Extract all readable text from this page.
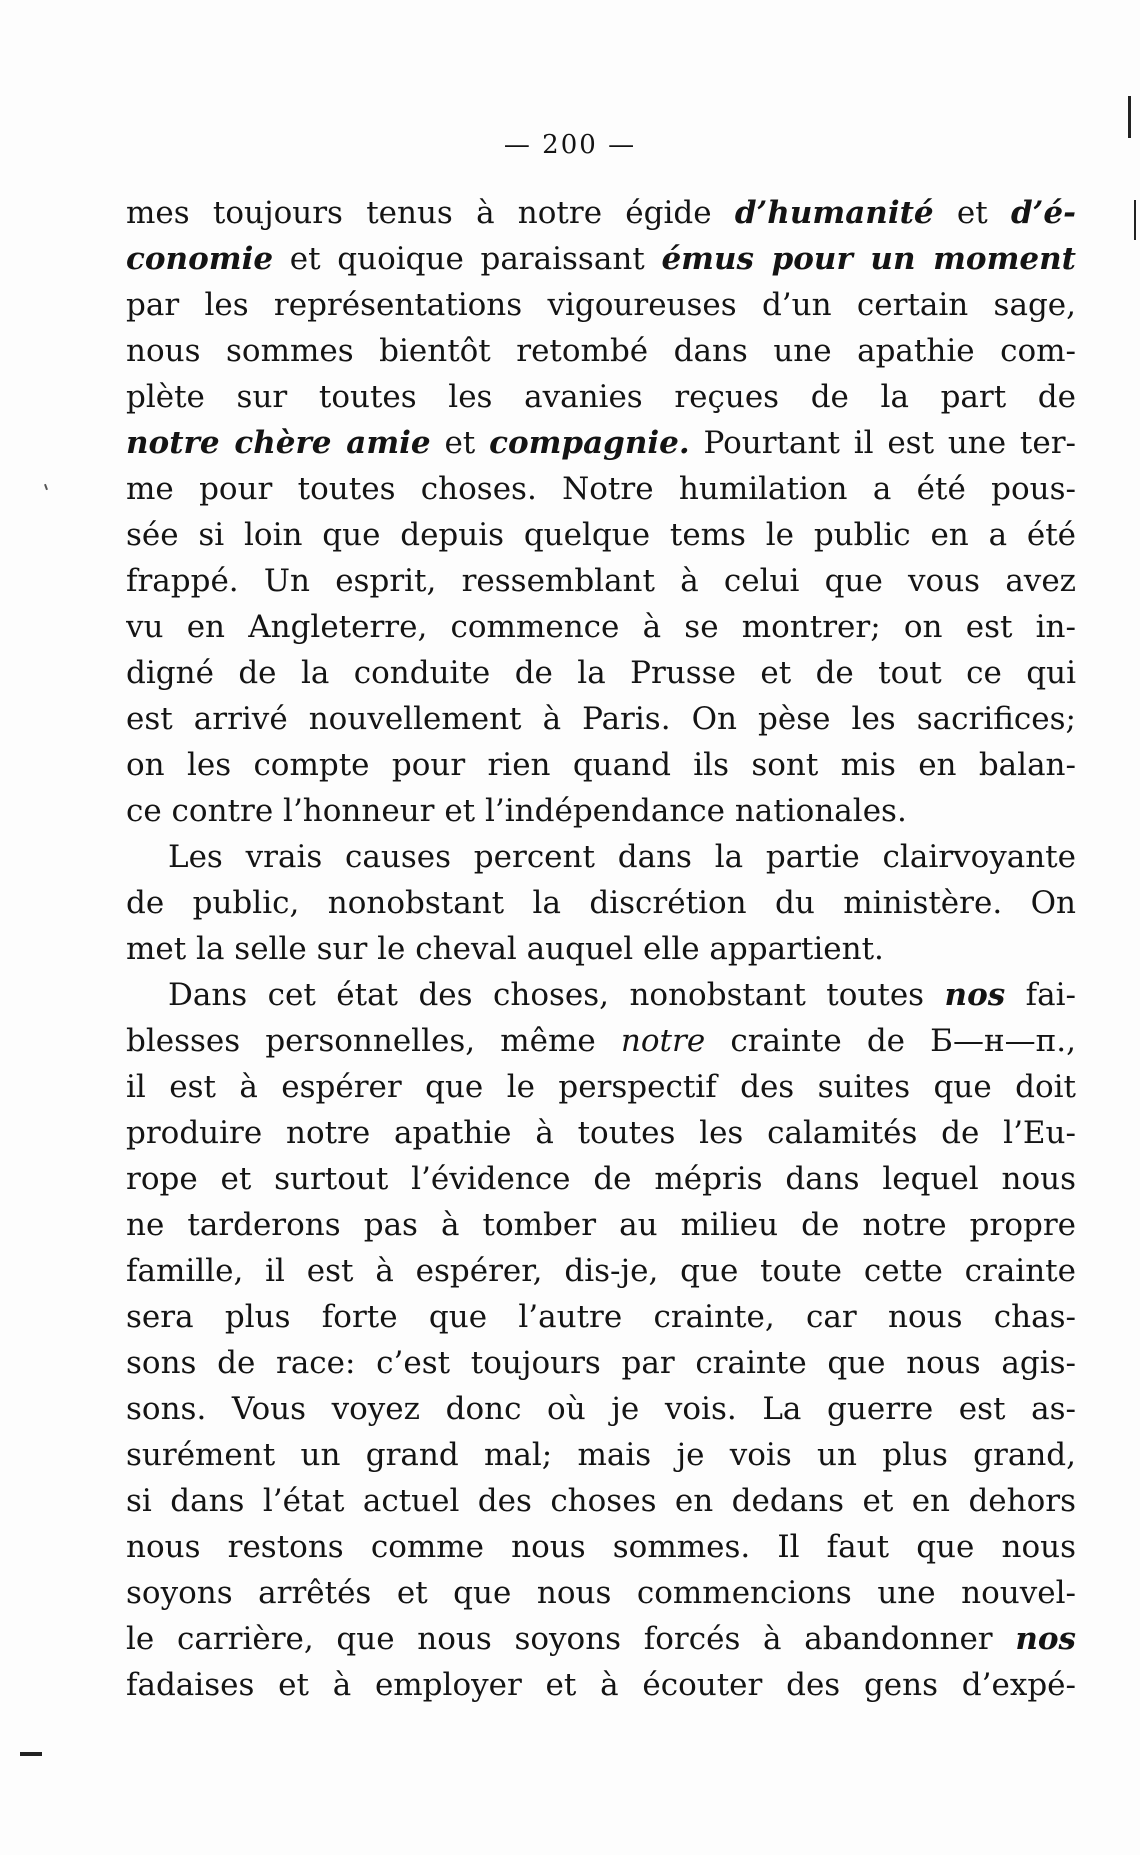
— 200 —
mes toujours tenus à notre égide d’humanité et d’é-
conomie et quoique paraissant émus pour un moment
par les représentations vigoureuses d’un certain sage,
nous sommes bientôt retombé dans une apathie com-
plète sur toutes les avanies reçues de la part de
notre chère amie et compagnie. Pourtant il est une ter-
me pour toutes choses. Notre humilation a été pous-
sée si loin que depuis quelque tems le public en a été
frappé. Un esprit, ressemblant à celui que vous avez
vu en Angleterre, commence à se montrer; on est in-
digné de la conduite de la Prusse et de tout ce qui
est arrivé nouvellement à Paris. On pèse les sacrifices;
on les compte pour rien quand ils sont mis en balan-
ce contre l’honneur et l’indépendance nationales.
Les vrais causes percent dans la partie clairvoyante
de public, nonobstant la discrétion du ministère. On
met la selle sur le cheval auquel elle appartient.
Dans cet état des choses, nonobstant toutes nos fai-
blesses personnelles, même notre crainte de Б—н—п.,
il est à espérer que le perspectif des suites que doit
produire notre apathie à toutes les calamités de l’Eu-
rope et surtout l’évidence de mépris dans lequel nous
ne tarderons pas à tomber au milieu de notre propre
famille, il est à espérer, dis-je, que toute cette crainte
sera plus forte que l’autre crainte, car nous chas-
sons de race: c’est toujours par crainte que nous agis-
sons. Vous voyez donc où je vois. La guerre est as-
surément un grand mal; mais je vois un plus grand,
si dans l’état actuel des choses en dedans et en dehors
nous restons comme nous sommes. Il faut que nous
soyons arrêtés et que nous commencions une nouvel-
le carrière, que nous soyons forcés à abandonner nos
fadaises et à employer et à écouter des gens d’expé-
